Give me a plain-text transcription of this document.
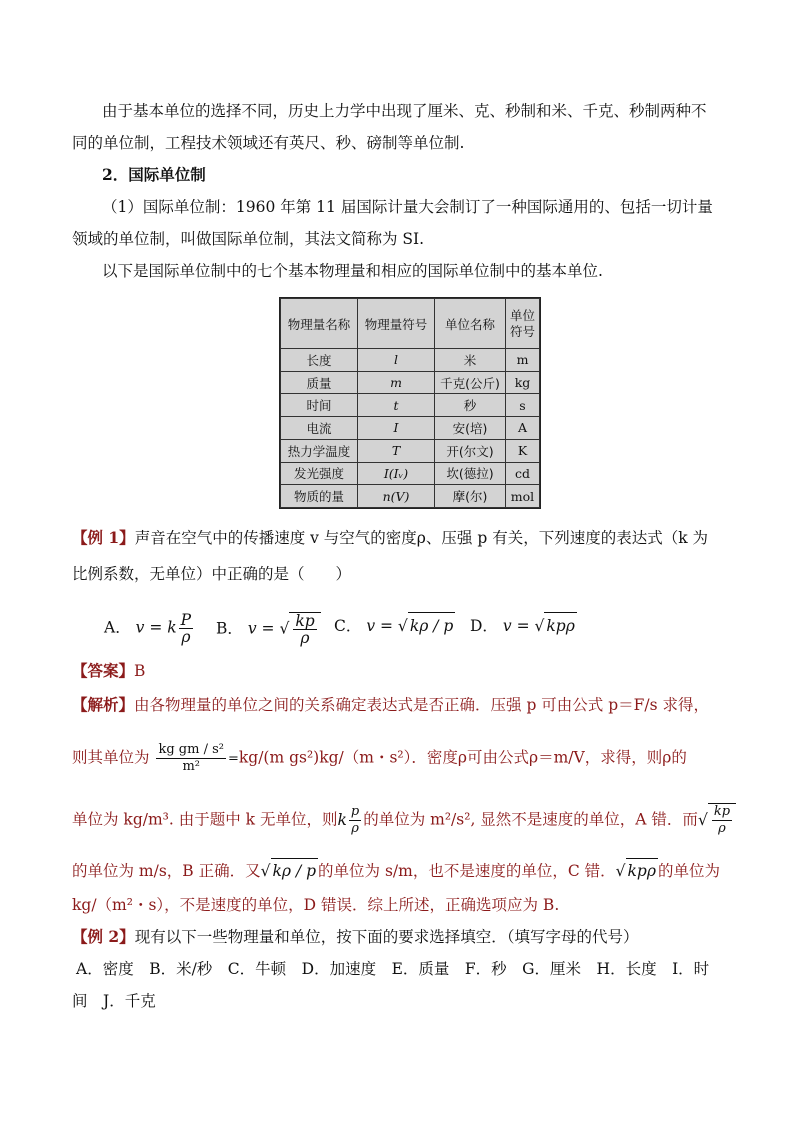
由于基本单位的选择不同，历史上力学中出现了厘米、克、秒制和米、千克、秒制两种不
同的单位制，工程技术领域还有英尺、秒、磅制等单位制.
2．国际单位制
（1）国际单位制：1960 年第 11 届国际计量大会制订了一种国际通用的、包括一切计量
领域的单位制，叫做国际单位制，其法文简称为 SI.
以下是国际单位制中的七个基本物理量和相应的国际单位制中的基本单位.
物理量名称	物理量符号	单位名称	单位符号
长度	l	米	m
质量	m	千克(公斤)	kg
时间	t	秒	s
电流	I	安(培)	A
热力学温度	T	开(尔文)	K
发光强度	I(Iᵥ)	坎(德拉)	cd
物质的量	n(V)	摩(尔)	mol
【例 1】声音在空气中的传播速度 v 与空气的密度ρ、压强 p 有关，下列速度的表达式（k 为
比例系数，无单位）中正确的是（　　）
A． v = k $\frac{P}{\rho}$ B． v = √ $\frac{kp}{\rho}$ C． v = √ kρ / p D． v = √ kpρ
【答案】B
【解析】由各物理量的单位之间的关系确定表达式是否正确．压强 p 可由公式 p＝F/s 求得，
则其单位为 $\frac{\text{kg gm / s²}}{\text{m²}} =kg/(m$ gs²)kg/（m・s²）．密度ρ可由公式ρ＝m/V，求得，则ρ的
单位为 kg/m³. 由于题中 k 无单位，则k $\frac{p}{\rho}$ 的单位为 m²/s², 显然不是速度的单位，A 错．而√ $\frac{kp}{\rho}$
的单位为 m/s，B 正确．又√ kρ / p 的单位为 s/m，也不是速度的单位，C 错．√ kpρ 的单位为
kg/（m²・s），不是速度的单位，D 错误．综上所述，正确选项应为 B.
【例 2】现有以下一些物理量和单位，按下面的要求选择填空．（填写字母的代号）
A．密度　B．米/秒　C．牛顿　D．加速度　E．质量　F．秒　G．厘米　H．长度　I．时
间　J．千克
